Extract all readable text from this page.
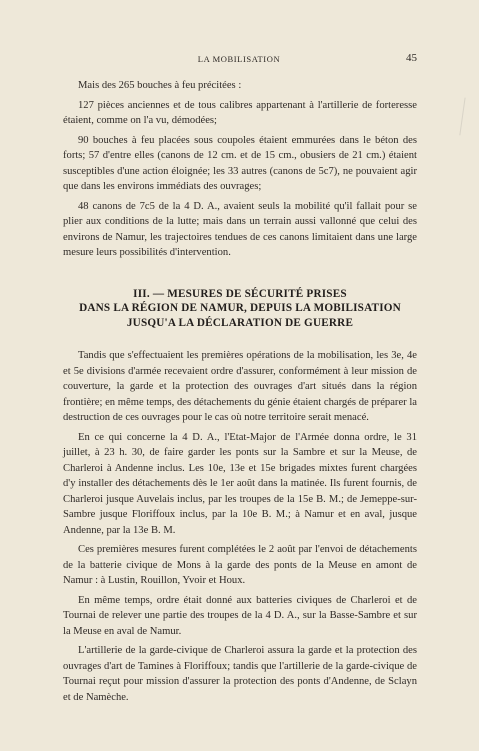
LA MOBILISATION	45

Mais des 265 bouches à feu précitées :

127 pièces anciennes et de tous calibres appartenant à l'artillerie de forteresse étaient, comme on l'a vu, démodées;

90 bouches à feu placées sous coupoles étaient emmurées dans le béton des forts; 57 d'entre elles (canons de 12 cm. et de 15 cm., obusiers de 21 cm.) étaient susceptibles d'une action éloignée; les 33 autres (canons de 5c7), ne pouvaient agir que dans les environs immédiats des ouvrages;

48 canons de 7c5 de la 4 D. A., avaient seuls la mobilité qu'il fallait pour se plier aux conditions de la lutte; mais dans un terrain aussi vallonné que celui des environs de Namur, les trajectoires tendues de ces canons limitaient dans une large mesure leurs possibilités d'intervention.

III. — MESURES DE SÉCURITÉ PRISES
DANS LA RÉGION DE NAMUR, DEPUIS LA MOBILISATION
JUSQU'A LA DÉCLARATION DE GUERRE

Tandis que s'effectuaient les premières opérations de la mobilisation, les 3e, 4e et 5e divisions d'armée recevaient ordre d'assurer, conformément à leur mission de couverture, la garde et la protection des ouvrages d'art situés dans la région frontière; en même temps, des détachements du génie étaient chargés de préparer la destruction de ces ouvrages pour le cas où notre territoire serait menacé.

En ce qui concerne la 4 D. A., l'Etat-Major de l'Armée donna ordre, le 31 juillet, à 23 h. 30, de faire garder les ponts sur la Sambre et sur la Meuse, de Charleroi à Andenne inclus. Les 10e, 13e et 15e brigades mixtes furent chargées d'y installer des détachements dès le 1er août dans la matinée. Ils furent fournis, de Charleroi jusque Auvelais inclus, par les troupes de la 15e B. M.; de Jemeppe-sur-Sambre jusque Floriffoux inclus, par la 10e B. M.; à Namur et en aval, jusque Andenne, par la 13e B. M.

Ces premières mesures furent complétées le 2 août par l'envoi de détachements de la batterie civique de Mons à la garde des ponts de la Meuse en amont de Namur : à Lustin, Rouillon, Yvoir et Houx.

En même temps, ordre était donné aux batteries civiques de Charleroi et de Tournai de relever une partie des troupes de la 4 D. A., sur la Basse-Sambre et sur la Meuse en aval de Namur.

L'artillerie de la garde-civique de Charleroi assura la garde et la protection des ouvrages d'art de Tamines à Floriffoux; tandis que l'artillerie de la garde-civique de Tournai reçut pour mission d'assurer la protection des ponts d'Andenne, de Sclayn et de Namèche.
